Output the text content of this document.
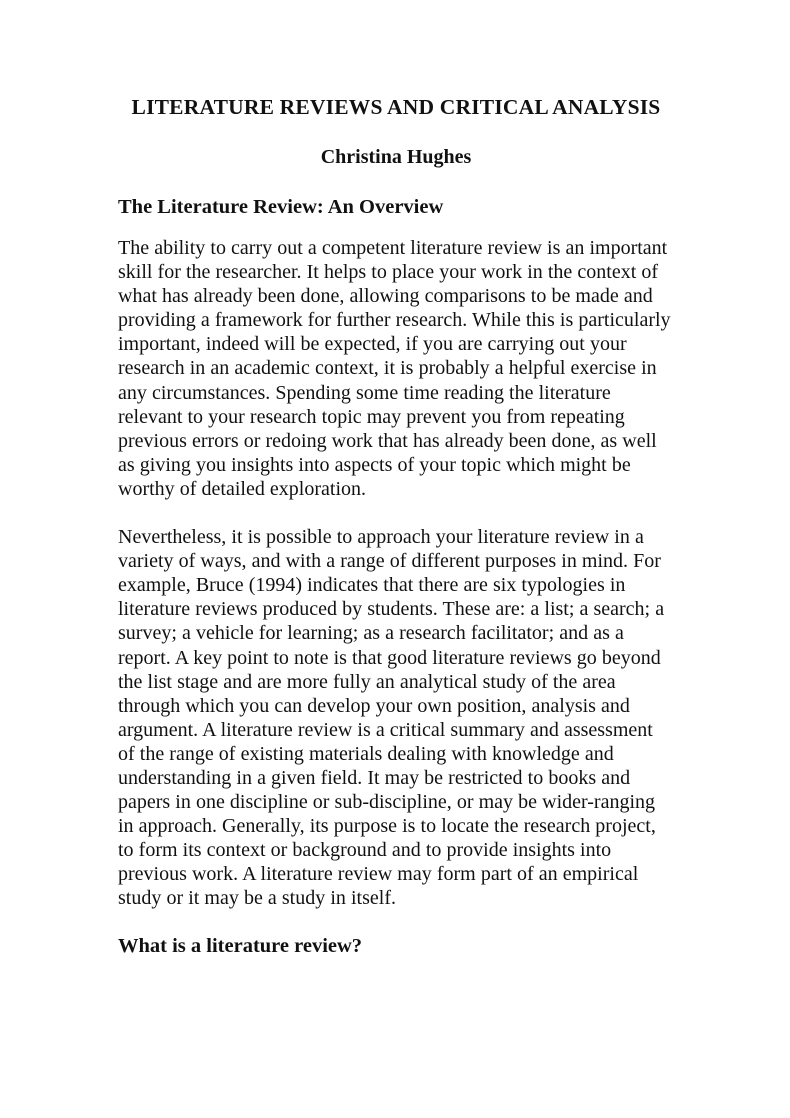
LITERATURE REVIEWS AND CRITICAL ANALYSIS

Christina Hughes

The Literature Review: An Overview

The ability to carry out a competent literature review is an important skill for the researcher. It helps to place your work in the context of what has already been done, allowing comparisons to be made and providing a framework for further research. While this is particularly important, indeed will be expected, if you are carrying out your research in an academic context, it is probably a helpful exercise in any circumstances. Spending some time reading the literature relevant to your research topic may prevent you from repeating previous errors or redoing work that has already been done, as well as giving you insights into aspects of your topic which might be worthy of detailed exploration.

Nevertheless, it is possible to approach your literature review in a variety of ways, and with a range of different purposes in mind. For example, Bruce (1994) indicates that there are six typologies in literature reviews produced by students. These are: a list; a search; a survey; a vehicle for learning; as a research facilitator; and as a report. A key point to note is that good literature reviews go beyond the list stage and are more fully an analytical study of the area through which you can develop your own position, analysis and argument. A literature review is a critical summary and assessment of the range of existing materials dealing with knowledge and understanding in a given field. It may be restricted to books and papers in one discipline or sub-discipline, or may be wider-ranging in approach. Generally, its purpose is to locate the research project, to form its context or background and to provide insights into previous work. A literature review may form part of an empirical study or it may be a study in itself.

What is a literature review?
